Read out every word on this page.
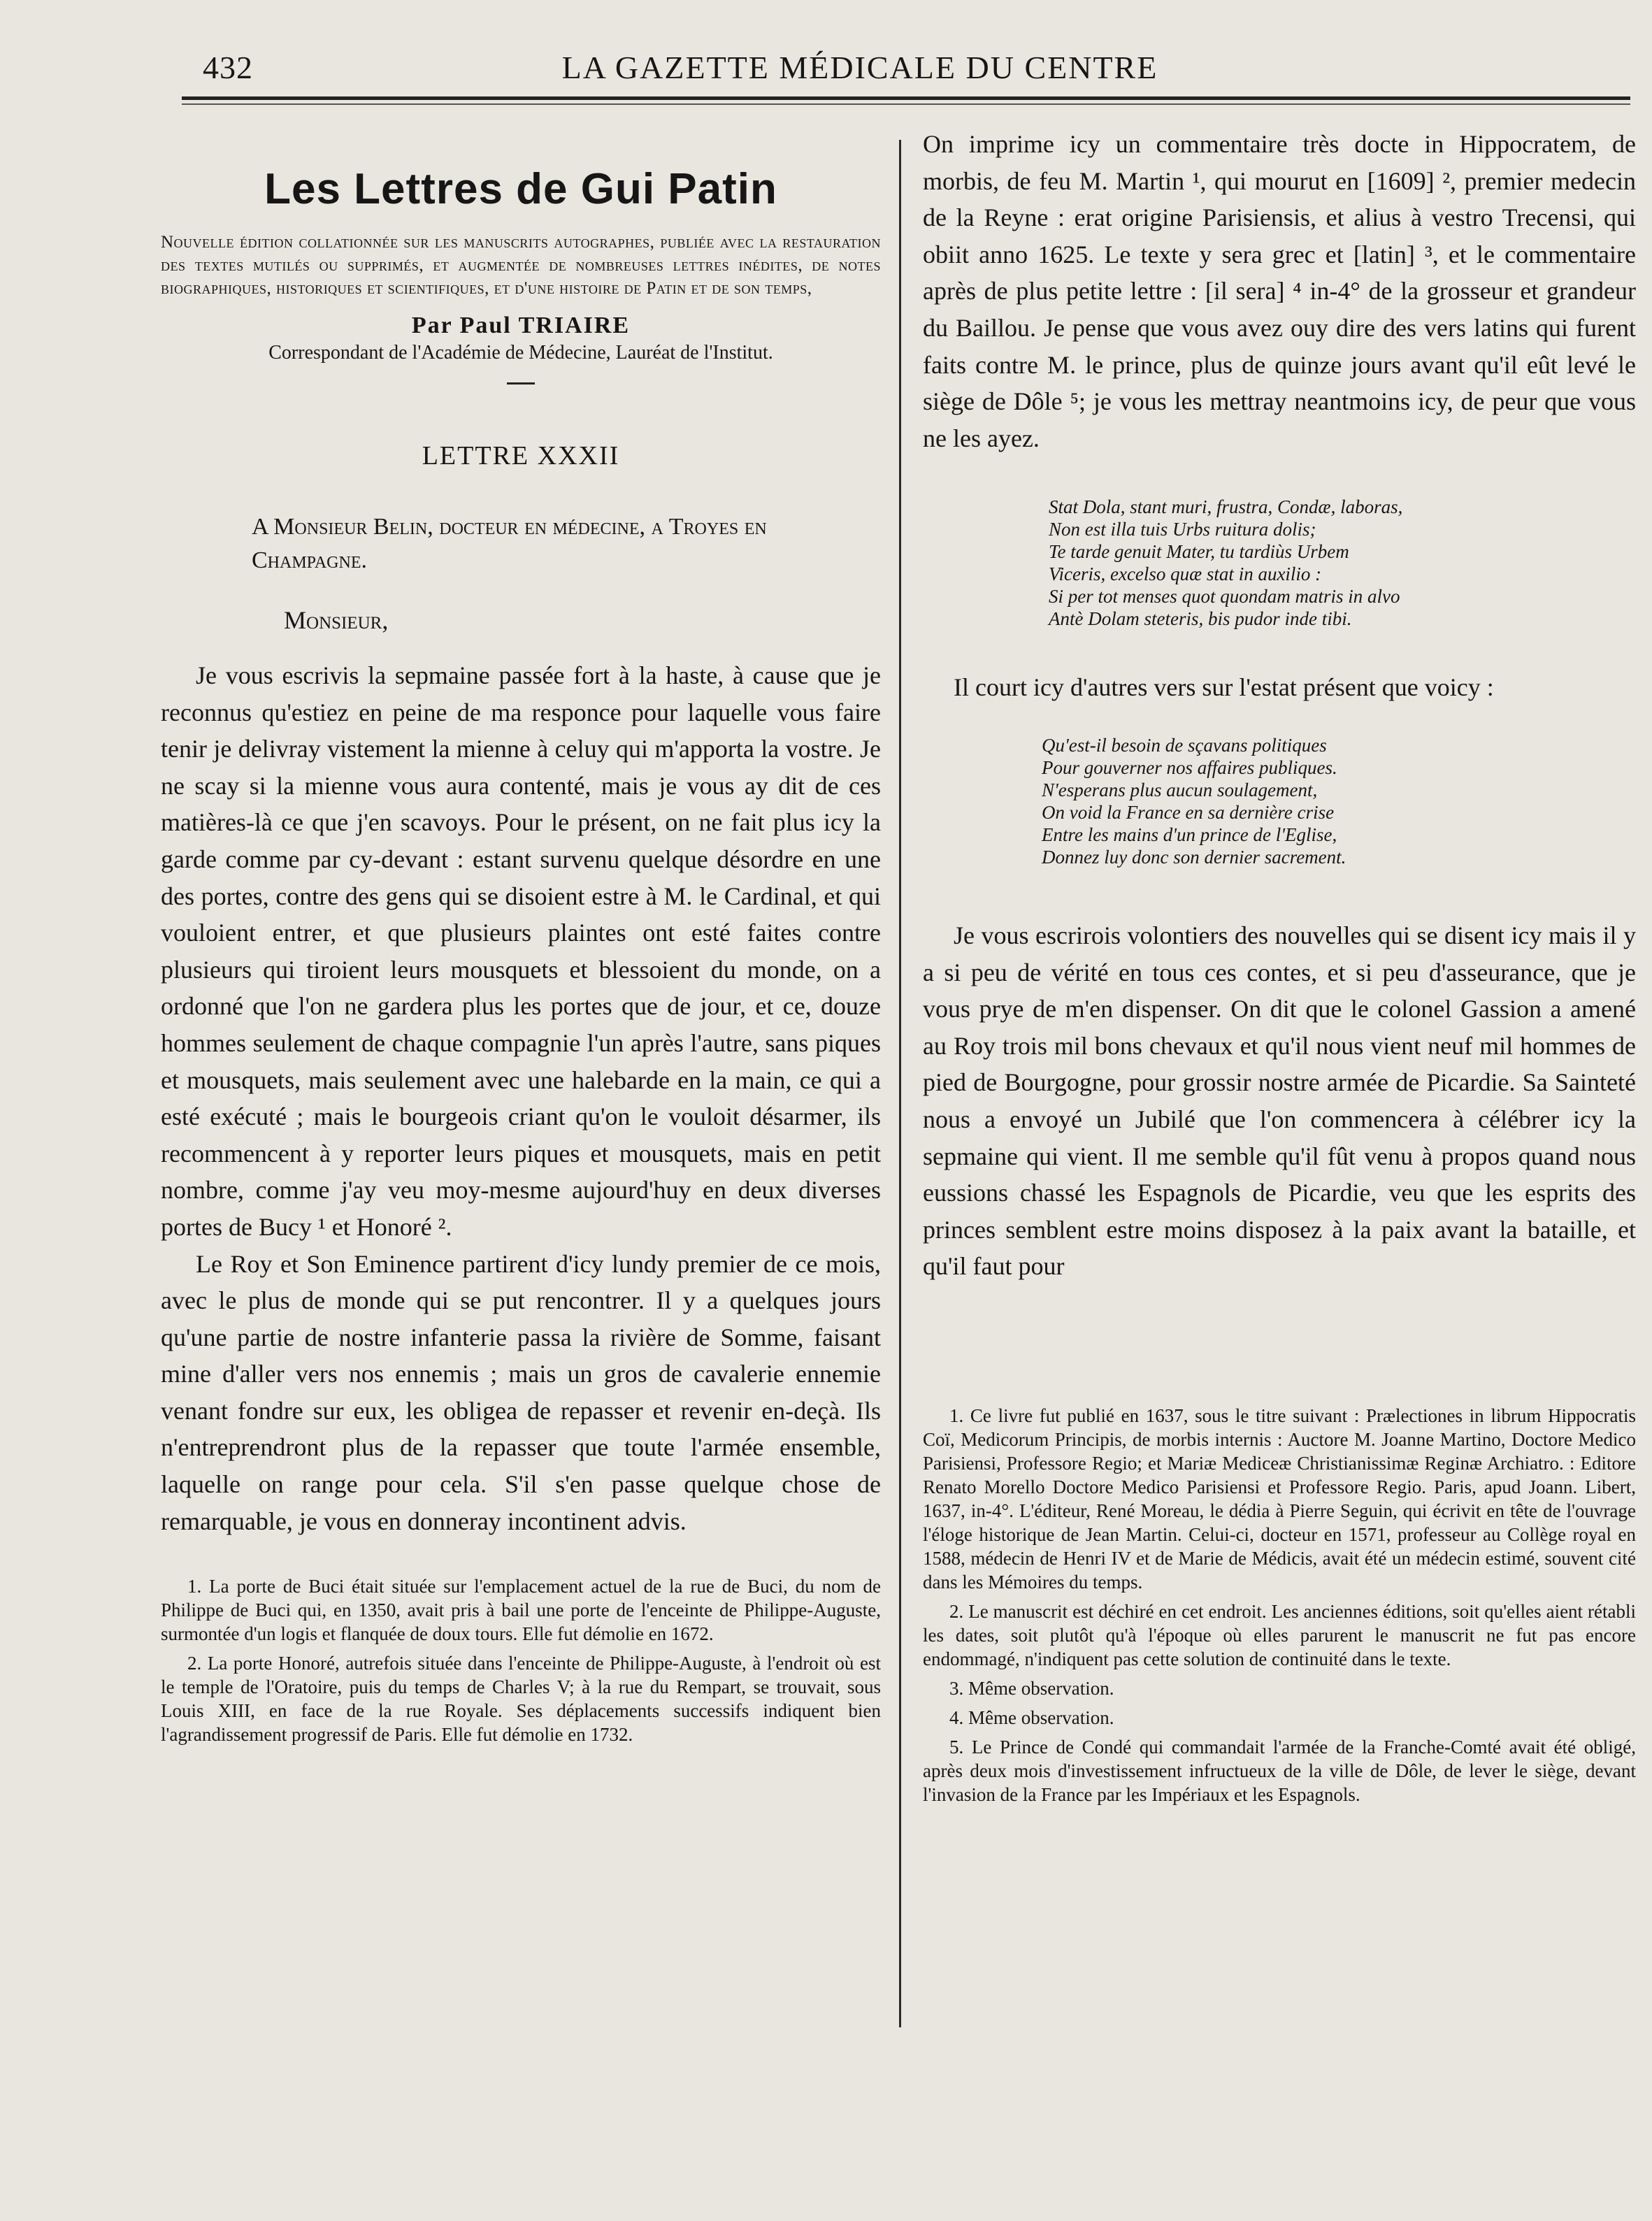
432	LA GAZETTE MÉDICALE DU CENTRE
Les Lettres de Gui Patin

Nouvelle édition collationnée sur les manuscrits autographes, publiée avec la restauration des textes mutilés ou supprimés, et augmentée de nombreuses lettres inédites, de notes biographiques, historiques et scientifiques, et d'une histoire de Patin et de son temps,

Par Paul TRIAIRE

Correspondant de l'Académie de Médecine, Lauréat de l'Institut.

LETTRE XXXII

A Monsieur Belin, docteur en médecine, a Troyes en Champagne.

Monsieur,

Je vous escrivis la sepmaine passée fort à la haste, à cause que je reconnus qu'estiez en peine de ma responce pour laquelle vous faire tenir je delivray vistement la mienne à celuy qui m'apporta la vostre. Je ne scay si la mienne vous aura contenté, mais je vous ay dit de ces matières-là ce que j'en scavoys. Pour le présent, on ne fait plus icy la garde comme par cy-devant : estant survenu quelque désordre en une des portes, contre des gens qui se disoient estre à M. le Cardinal, et qui vouloient entrer, et que plusieurs plaintes ont esté faites contre plusieurs qui tiroient leurs mousquets et blessoient du monde, on a ordonné que l'on ne gardera plus les portes que de jour, et ce, douze hommes seulement de chaque compagnie l'un après l'autre, sans piques et mousquets, mais seulement avec une halebarde en la main, ce qui a esté exécuté ; mais le bourgeois criant qu'on le vouloit désarmer, ils recommencent à y reporter leurs piques et mousquets, mais en petit nombre, comme j'ay veu moy-mesme aujourd'huy en deux diverses portes de Bucy ¹ et Honoré ².

Le Roy et Son Eminence partirent d'icy lundy premier de ce mois, avec le plus de monde qui se put rencontrer. Il y a quelques jours qu'une partie de nostre infanterie passa la rivière de Somme, faisant mine d'aller vers nos ennemis ; mais un gros de cavalerie ennemie venant fondre sur eux, les obligea de repasser et revenir en-deçà. Ils n'entreprendront plus de la repasser que toute l'armée ensemble, laquelle on range pour cela. S'il s'en passe quelque chose de remarquable, je vous en donneray incontinent advis.

1. La porte de Buci était située sur l'emplacement actuel de la rue de Buci, du nom de Philippe de Buci qui, en 1350, avait pris à bail une porte de l'enceinte de Philippe-Auguste, surmontée d'un logis et flanquée de doux tours. Elle fut démolie en 1672.

2. La porte Honoré, autrefois située dans l'enceinte de Philippe-Auguste, à l'endroit où est le temple de l'Oratoire, puis du temps de Charles V; à la rue du Rempart, se trouvait, sous Louis XIII, en face de la rue Royale. Ses déplacements successifs indiquent bien l'agrandissement progressif de Paris. Elle fut démolie en 1732.

On imprime icy un commentaire très docte in Hippocratem, de morbis, de feu M. Martin ¹, qui mourut en [1609] ², premier medecin de la Reyne : erat origine Parisiensis, et alius à vestro Trecensi, qui obiit anno 1625. Le texte y sera grec et [latin] ³, et le commentaire après de plus petite lettre : [il sera] ⁴ in-4° de la grosseur et grandeur du Baillou. Je pense que vous avez ouy dire des vers latins qui furent faits contre M. le prince, plus de quinze jours avant qu'il eût levé le siège de Dôle ⁵; je vous les mettray neantmoins icy, de peur que vous ne les ayez.

Stat Dola, stant muri, frustra, Condæ, laboras,
Non est illa tuis Urbs ruitura dolis;
Te tarde genuit Mater, tu tardiùs Urbem
Viceris, excelso quæ stat in auxilio :
Si per tot menses quot quondam matris in alvo
Antè Dolam steteris, bis pudor inde tibi.

Il court icy d'autres vers sur l'estat présent que voicy :

Qu'est-il besoin de sçavans politiques
Pour gouverner nos affaires publiques.
N'esperans plus aucun soulagement,
On void la France en sa dernière crise
Entre les mains d'un prince de l'Eglise,
Donnez luy donc son dernier sacrement.

Je vous escrirois volontiers des nouvelles qui se disent icy mais il y a si peu de vérité en tous ces contes, et si peu d'asseurance, que je vous prye de m'en dispenser. On dit que le colonel Gassion a amené au Roy trois mil bons chevaux et qu'il nous vient neuf mil hommes de pied de Bourgogne, pour grossir nostre armée de Picardie. Sa Sainteté nous a envoyé un Jubilé que l'on commencera à célébrer icy la sepmaine qui vient. Il me semble qu'il fût venu à propos quand nous eussions chassé les Espagnols de Picardie, veu que les esprits des princes semblent estre moins disposez à la paix avant la bataille, et qu'il faut pour

1. Ce livre fut publié en 1637, sous le titre suivant : Prælectiones in librum Hippocratis Coï, Medicorum Principis, de morbis internis : Auctore M. Joanne Martino, Doctore Medico Parisiensi, Professore Regio; et Mariæ Mediceæ Christianissimæ Reginæ Archiatro. : Editore Renato Morello Doctore Medico Parisiensi et Professore Regio. Paris, apud Joann. Libert, 1637, in-4°. L'éditeur, René Moreau, le dédia à Pierre Seguin, qui écrivit en tête de l'ouvrage l'éloge historique de Jean Martin. Celui-ci, docteur en 1571, professeur au Collège royal en 1588, médecin de Henri IV et de Marie de Médicis, avait été un médecin estimé, souvent cité dans les Mémoires du temps.

2. Le manuscrit est déchiré en cet endroit. Les anciennes éditions, soit qu'elles aient rétabli les dates, soit plutôt qu'à l'époque où elles parurent le manuscrit ne fut pas encore endommagé, n'indiquent pas cette solution de continuité dans le texte.

3. Même observation.

4. Même observation.

5. Le Prince de Condé qui commandait l'armée de la Franche-Comté avait été obligé, après deux mois d'investissement infructueux de la ville de Dôle, de lever le siège, devant l'invasion de la France par les Impériaux et les Espagnols.
